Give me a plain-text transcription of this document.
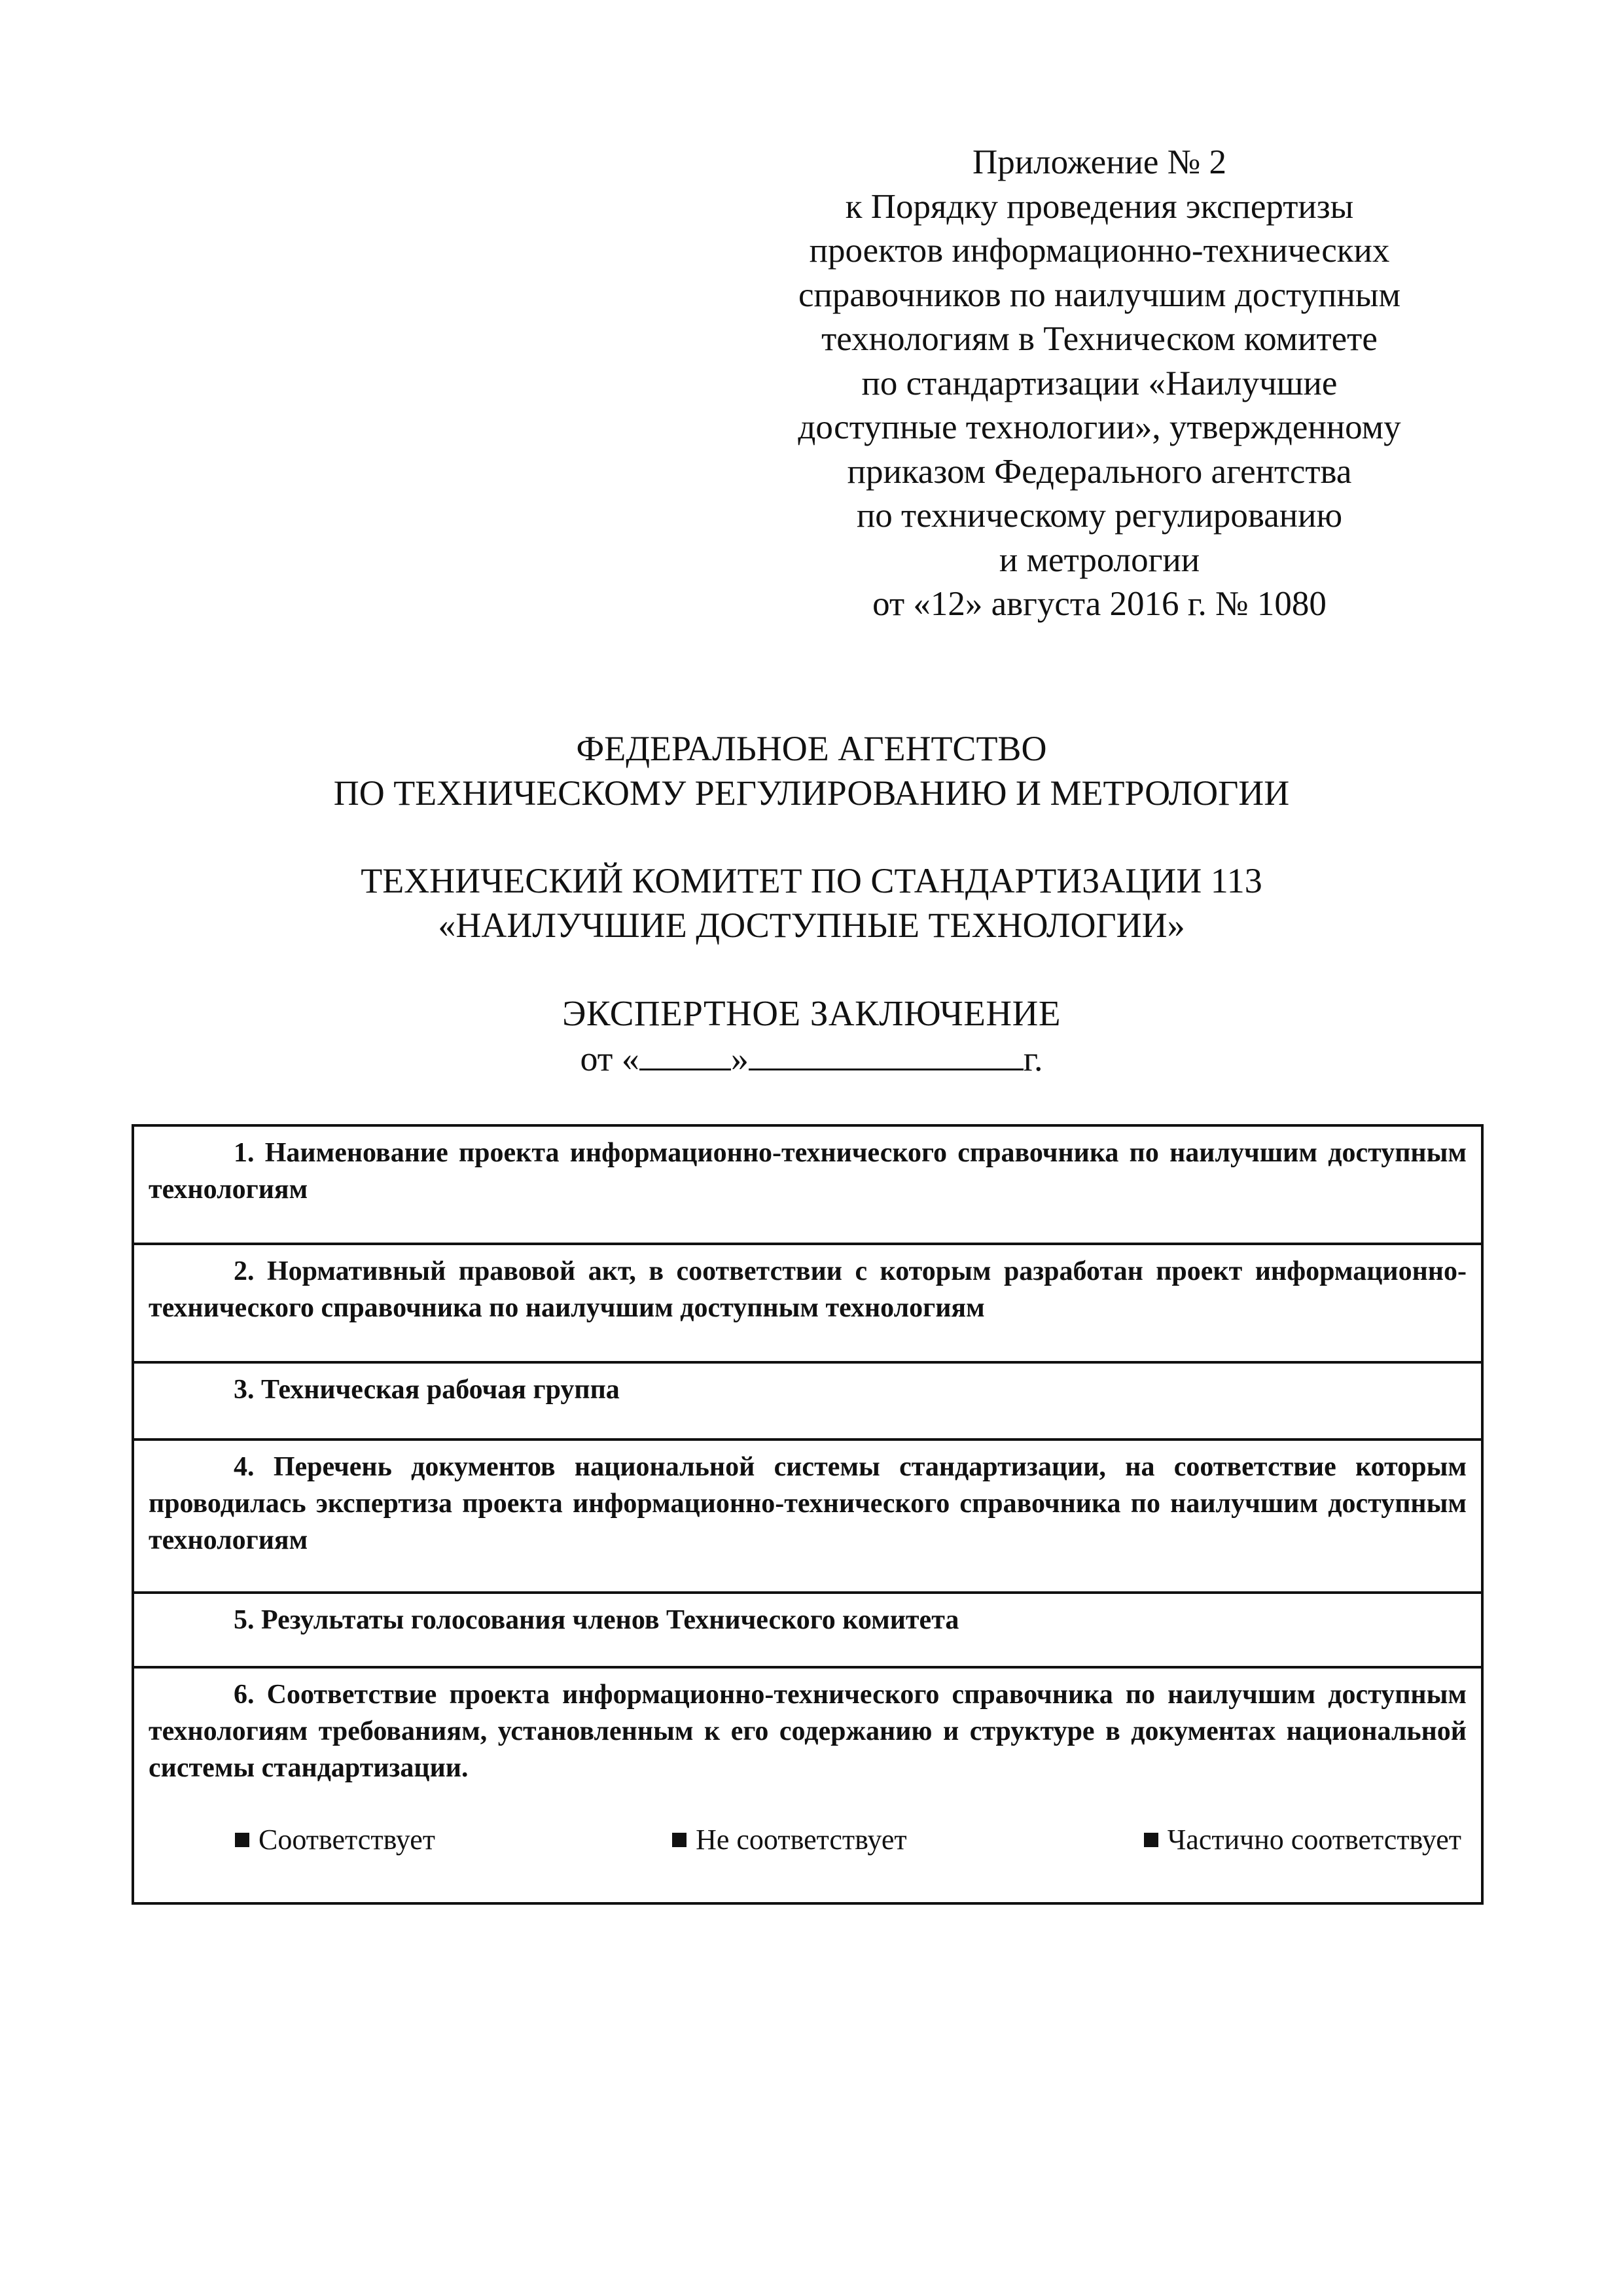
Приложение № 2
к Порядку проведения экспертизы
проектов информационно-технических
справочников по наилучшим доступным
технологиям в Техническом комитете
по стандартизации «Наилучшие
доступные технологии», утвержденному
приказом Федерального агентства
по техническому регулированию
и метрологии
от «12» августа 2016 г. № 1080
ФЕДЕРАЛЬНОЕ АГЕНТСТВО
ПО ТЕХНИЧЕСКОМУ РЕГУЛИРОВАНИЮ И МЕТРОЛОГИИ
ТЕХНИЧЕСКИЙ КОМИТЕТ ПО СТАНДАРТИЗАЦИИ 113
«НАИЛУЧШИЕ ДОСТУПНЫЕ ТЕХНОЛОГИИ»
ЭКСПЕРТНОЕ ЗАКЛЮЧЕНИЕ
от «	»	г.
1. Наименование проекта информационно-технического справочника по наилучшим доступным технологиям
2. Нормативный правовой акт, в соответствии с которым разработан проект информационно-технического справочника по наилучшим доступным технологиям
3. Техническая рабочая группа
4. Перечень документов национальной системы стандартизации, на соответствие которым проводилась экспертиза проекта информационно-технического справочника по наилучшим доступным технологиям
5. Результаты голосования членов Технического комитета

6. Соответствие проекта информационно-технического справочника по наилучшим доступным технологиям требованиям, установленным к его содержанию и структуре в документах национальной системы стандартизации.

Соответствует	Не соответствует	Частично соответствует
